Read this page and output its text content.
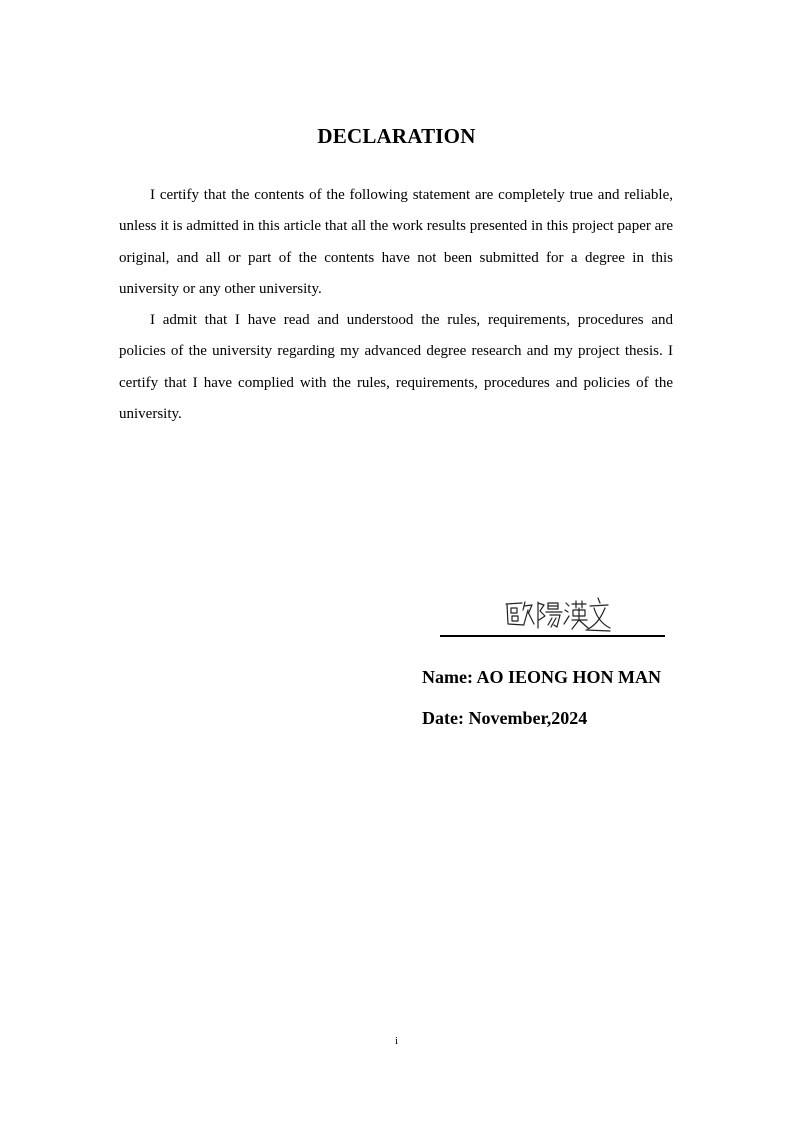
DECLARATION

I certify that the contents of the following statement are completely true and reliable, unless it is admitted in this article that all the work results presented in this project paper are original, and all or part of the contents have not been submitted for a degree in this university or any other university.

I admit that I have read and understood the rules, requirements, procedures and policies of the university regarding my advanced degree research and my project thesis. I certify that I have complied with the rules, requirements, procedures and policies of the university.

Name: AO IEONG HON MAN
Date: November,2024
i
